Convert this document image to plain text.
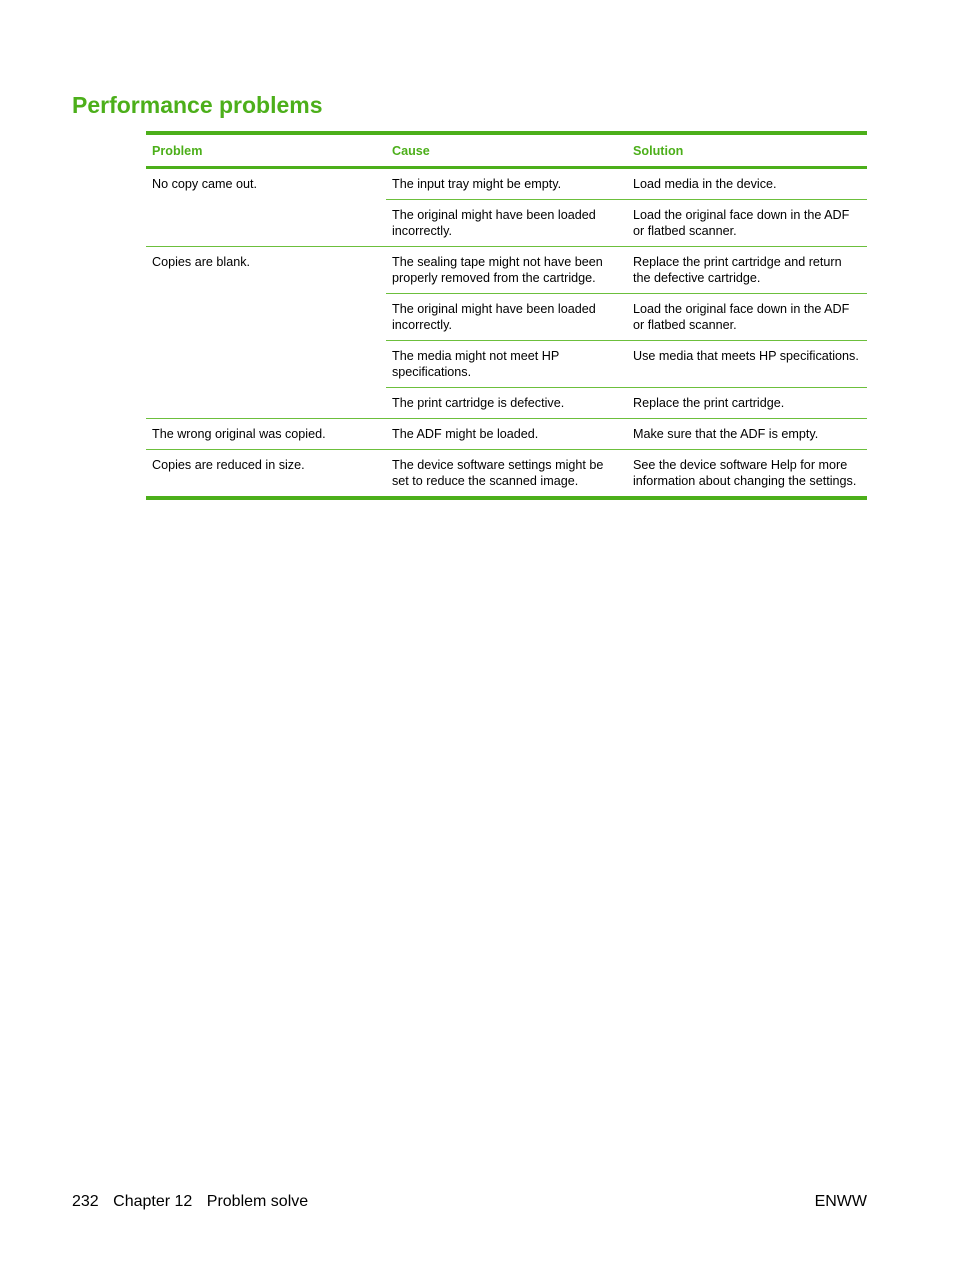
Performance problems
Problem	Cause	Solution
No copy came out.	The input tray might be empty.	Load media in the device.
	The original might have been loaded incorrectly.	Load the original face down in the ADF or flatbed scanner.
Copies are blank.	The sealing tape might not have been properly removed from the cartridge.	Replace the print cartridge and return the defective cartridge.
	The original might have been loaded incorrectly.	Load the original face down in the ADF or flatbed scanner.
	The media might not meet HP specifications.	Use media that meets HP specifications.
	The print cartridge is defective.	Replace the print cartridge.
The wrong original was copied.	The ADF might be loaded.	Make sure that the ADF is empty.
Copies are reduced in size.	The device software settings might be set to reduce the scanned image.	See the device software Help for more information about changing the settings.
232 Chapter 12 Problem solve	ENWW
